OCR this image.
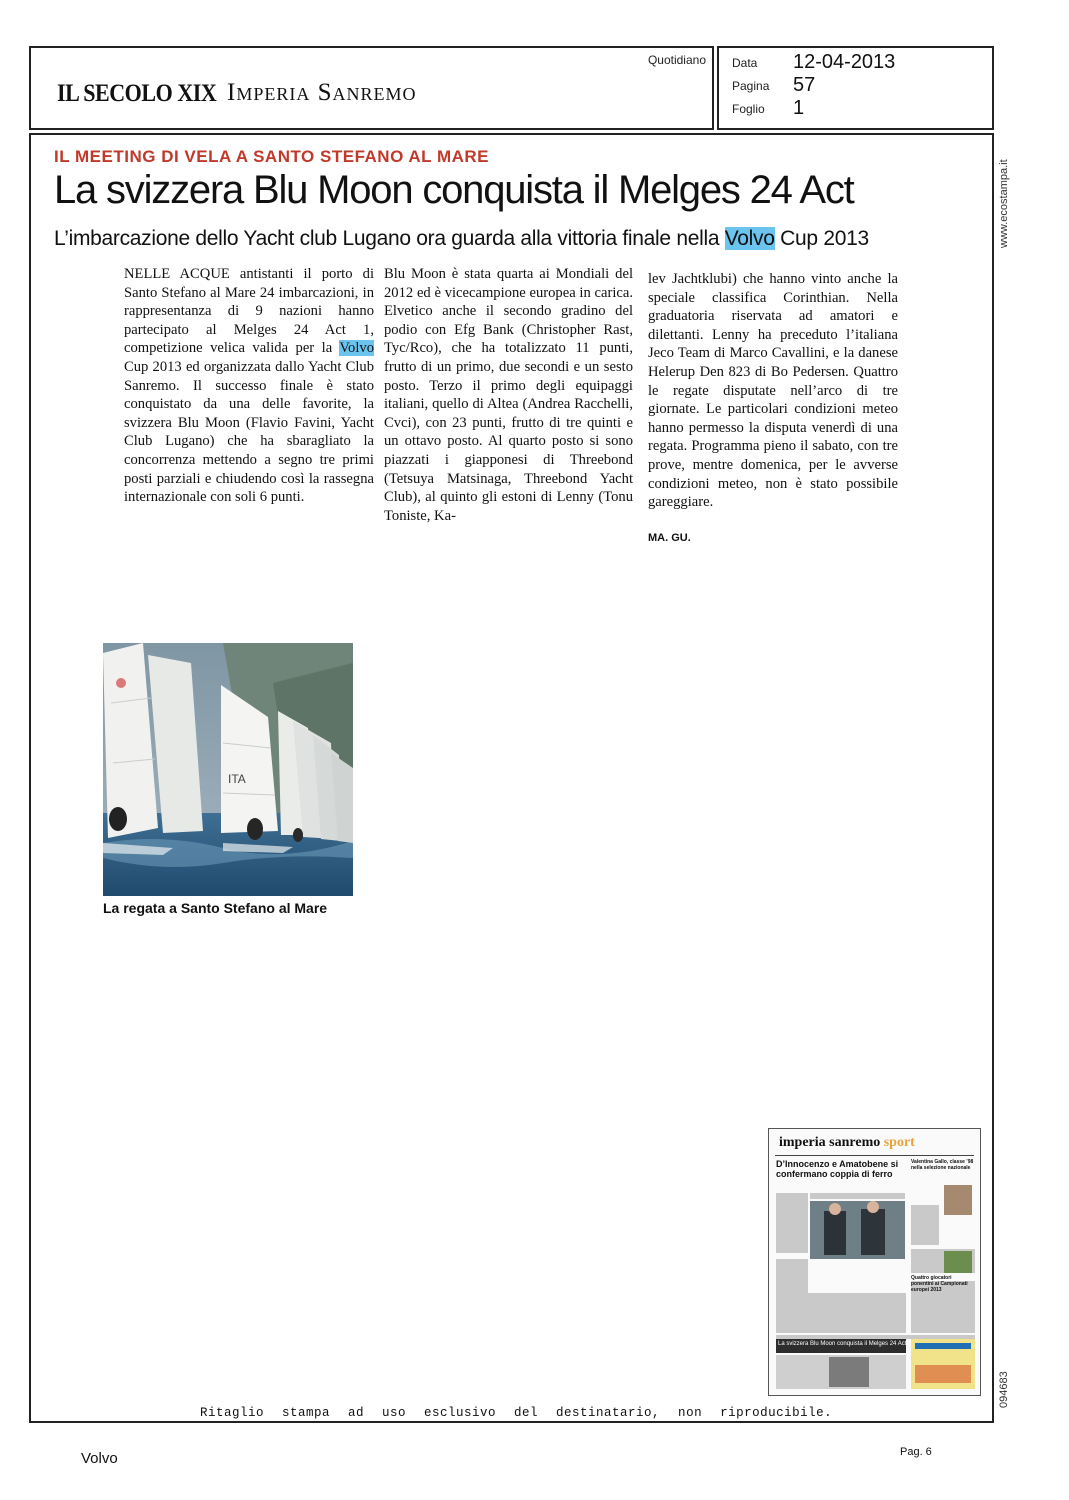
IL SECOLO XIX Imperia Sanremo
Quotidiano Data 12-04-2013
Pagina 57
Foglio 1
IL MEETING DI VELA A SANTO STEFANO AL MARE
La svizzera Blu Moon conquista il Melges 24 Act
L’imbarcazione dello Yacht club Lugano ora guarda alla vittoria finale nella Volvo Cup 2013
NELLE ACQUE antistanti il porto di Santo Stefano al Mare 24 imbarcazioni, in rappresentanza di 9 nazioni hanno partecipato al Melges 24 Act 1, competizione velica valida per la Volvo Cup 2013 ed organizzata dallo Yacht Club Sanremo. Il successo finale è stato conquistato da una delle favorite, la svizzera Blu Moon (Flavio Favini, Yacht Club Lugano) che ha sbaragliato la concorrenza mettendo a segno tre primi posti parziali e chiudendo così la rassegna internazionale con soli 6 punti.
Blu Moon è stata quarta ai Mondiali del 2012 ed è vicecampione europea in carica. Elvetico anche il secondo gradino del podio con Efg Bank (Christopher Rast, Tyc/Rco), che ha totalizzato 11 punti, frutto di un primo, due secondi e un sesto posto. Terzo il primo degli equipaggi italiani, quello di Altea (Andrea Racchelli, Cvci), con 23 punti, frutto di tre quinti e un ottavo posto. Al quarto posto si sono piazzati i giapponesi di Threebond (Tetsuya Matsinaga, Threebond Yacht Club), al quinto gli estoni di Lenny (Tonu Toniste, Ka-
lev Jachtklubi) che hanno vinto anche la speciale classifica Corinthian. Nella graduatoria riservata ad amatori e dilettanti. Lenny ha preceduto l’italiana Jeco Team di Marco Cavallini, e la danese Helerup Den 823 di Bo Pedersen. Quattro le regate disputate nell’arco di tre giornate. Le particolari condizioni meteo hanno permesso la disputa venerdì di una regata. Programma pieno il sabato, con tre prove, mentre domenica, per le avverse condizioni meteo, non è stato possibile gareggiare.
MA. GU.
ITA
La regata a Santo Stefano al Mare
imperia sanremo sport
D’Innocenzo e Amatobene si confermano coppia di ferro
Valentina Gallo, classe ’98 nella selezione nazionale
Quattro giocatori ponentini ai Campionati europei 2013
La svizzera Blu Moon conquista il Melges 24 Act
www.ecostampa.it
094683
Ritaglio stampa ad uso esclusivo del destinatario, non riproducibile.
Volvo	Pag. 6
